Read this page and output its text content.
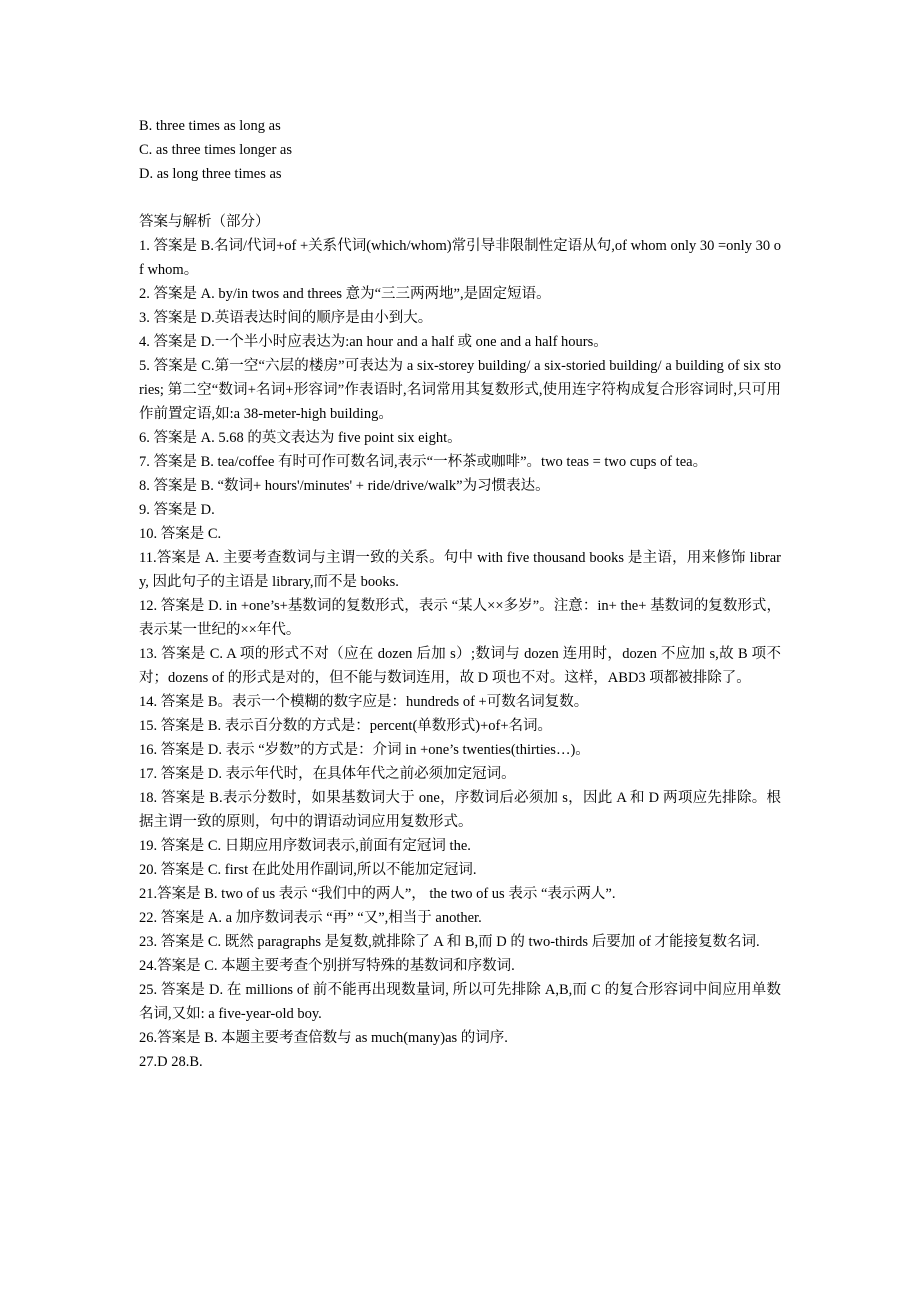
B. three times as long as
C. as three times longer as
D. as long three times as
答案与解析（部分）
1. 答案是 B.名词/代词+of +关系代词(which/whom)常引导非限制性定语从句,of whom only 30 =only 30 of whom。
2. 答案是 A. by/in twos and threes 意为“三三两两地”,是固定短语。
3. 答案是 D.英语表达时间的顺序是由小到大。
4. 答案是 D.一个半小时应表达为:an hour and a half 或 one and a half hours。
5. 答案是 C.第一空“六层的楼房”可表达为 a six-storey building/ a six-storied building/ a building of six stories; 第二空“数词+名词+形容词”作表语时,名词常用其复数形式,使用连字符构成复合形容词时,只可用作前置定语,如:a 38-meter-high building。
6. 答案是 A. 5.68 的英文表达为 five point six eight。
7. 答案是 B. tea/coffee 有时可作可数名词,表示“一杯茶或咖啡”。two teas = two cups of tea。
8. 答案是 B. “数词+ hours'/minutes' + ride/drive/walk”为习惯表达。
9. 答案是 D.
10. 答案是 C.
11.答案是 A. 主要考查数词与主谓一致的关系。句中 with five thousand books 是主语，用来修饰 library, 因此句子的主语是 library,而不是 books.
12. 答案是 D. in +one’s+基数词的复数形式，表示 “某人××多岁”。注意：in+ the+ 基数词的复数形式，表示某一世纪的××年代。
13. 答案是 C. A 项的形式不对（应在 dozen 后加 s）;数词与 dozen 连用时，dozen 不应加 s,故 B 项不对；dozens of 的形式是对的，但不能与数词连用，故 D 项也不对。这样，ABD3 项都被排除了。
14. 答案是 B。表示一个模糊的数字应是：hundreds of +可数名词复数。
15. 答案是 B. 表示百分数的方式是：percent(单数形式)+of+名词。
16. 答案是 D. 表示 “岁数”的方式是：介词 in +one’s twenties(thirties…)。
17. 答案是 D. 表示年代时，在具体年代之前必须加定冠词。
18. 答案是 B.表示分数时，如果基数词大于 one，序数词后必须加 s，因此 A 和 D 两项应先排除。根据主谓一致的原则，句中的谓语动词应用复数形式。
19. 答案是 C. 日期应用序数词表示,前面有定冠词 the.
20. 答案是 C. first 在此处用作副词,所以不能加定冠词.
21.答案是 B. two of us 表示 “我们中的两人”， the two of us 表示 “表示两人”.
22. 答案是 A. a 加序数词表示 “再” “又”,相当于 another.
23. 答案是 C. 既然 paragraphs 是复数,就排除了 A 和 B,而 D 的 two-thirds 后要加 of 才能接复数名词.
24.答案是 C. 本题主要考查个别拼写特殊的基数词和序数词.
25. 答案是 D. 在 millions of 前不能再出现数量词, 所以可先排除 A,B,而 C 的复合形容词中间应用单数名词,又如: a five-year-old boy.
26.答案是 B. 本题主要考查倍数与 as much(many)as 的词序.
27.D 28.B.
